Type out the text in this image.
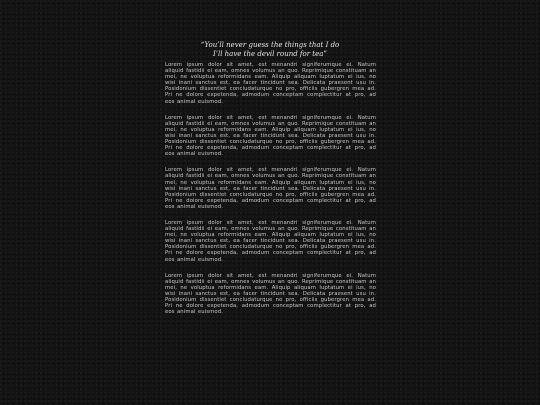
“You’ll never guess the things that I do
I’ll have the devil round for tea”

Lorem ipsum dolor sit amet, est menandri signiferumque ei. Natum aliquid fastidii ei eam, omnes volumus an quo. Reprimique constituam an mei, ne voluptua reformidans eam. Aliquip aliquam luptatum ei ius, no wisi inani sanctus est, ea facer tincidunt sea. Delicata praesent usu in. Posidonium dissentiet concludaturque no pro, officiis gubergren mea ad. Pri ne dolore expetenda, admodum conceptam complectitur at pro, ad eos animal euismod.

Lorem ipsum dolor sit amet, est menandri signiferumque ei. Natum aliquid fastidii ei eam, omnes volumus an quo. Reprimique constituam an mei, ne voluptua reformidans eam. Aliquip aliquam luptatum ei ius, no wisi inani sanctus est, ea facer tincidunt sea. Delicata praesent usu in. Posidonium dissentiet concludaturque no pro, officiis gubergren mea ad. Pri ne dolore expetenda, admodum conceptam complectitur at pro, ad eos animal euismod.

Lorem ipsum dolor sit amet, est menandri signiferumque ei. Natum aliquid fastidii ei eam, omnes volumus an quo. Reprimique constituam an mei, ne voluptua reformidans eam. Aliquip aliquam luptatum ei ius, no wisi inani sanctus est, ea facer tincidunt sea. Delicata praesent usu in. Posidonium dissentiet concludaturque no pro, officiis gubergren mea ad. Pri ne dolore expetenda, admodum conceptam complectitur at pro, ad eos animal euismod.

Lorem ipsum dolor sit amet, est menandri signiferumque ei. Natum aliquid fastidii ei eam, omnes volumus an quo. Reprimique constituam an mei, ne voluptua reformidans eam. Aliquip aliquam luptatum ei ius, no wisi inani sanctus est, ea facer tincidunt sea. Delicata praesent usu in. Posidonium dissentiet concludaturque no pro, officiis gubergren mea ad. Pri ne dolore expetenda, admodum conceptam complectitur at pro, ad eos animal euismod.

Lorem ipsum dolor sit amet, est menandri signiferumque ei. Natum aliquid fastidii ei eam, omnes volumus an quo. Reprimique constituam an mei, ne voluptua reformidans eam. Aliquip aliquam luptatum ei ius, no wisi inani sanctus est, ea facer tincidunt sea. Delicata praesent usu in. Posidonium dissentiet concludaturque no pro, officiis gubergren mea ad. Pri ne dolore expetenda, admodum conceptam complectitur at pro, ad eos animal euismod.
